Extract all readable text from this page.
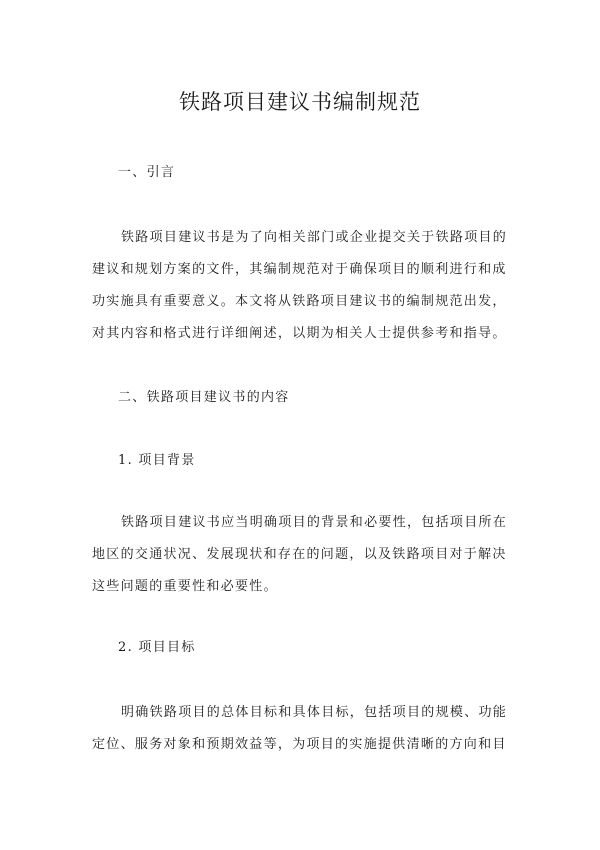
铁路项目建议书编制规范

一、引言

铁路项目建议书是为了向相关部门或企业提交关于铁路项目的

建议和规划方案的文件，其编制规范对于确保项目的顺利进行和成

功实施具有重要意义。本文将从铁路项目建议书的编制规范出发，

对其内容和格式进行详细阐述，以期为相关人士提供参考和指导。

二、铁路项目建议书的内容

1. 项目背景

铁路项目建议书应当明确项目的背景和必要性，包括项目所在

地区的交通状况、发展现状和存在的问题，以及铁路项目对于解决

这些问题的重要性和必要性。

2. 项目目标

明确铁路项目的总体目标和具体目标，包括项目的规模、功能

定位、服务对象和预期效益等，为项目的实施提供清晰的方向和目
